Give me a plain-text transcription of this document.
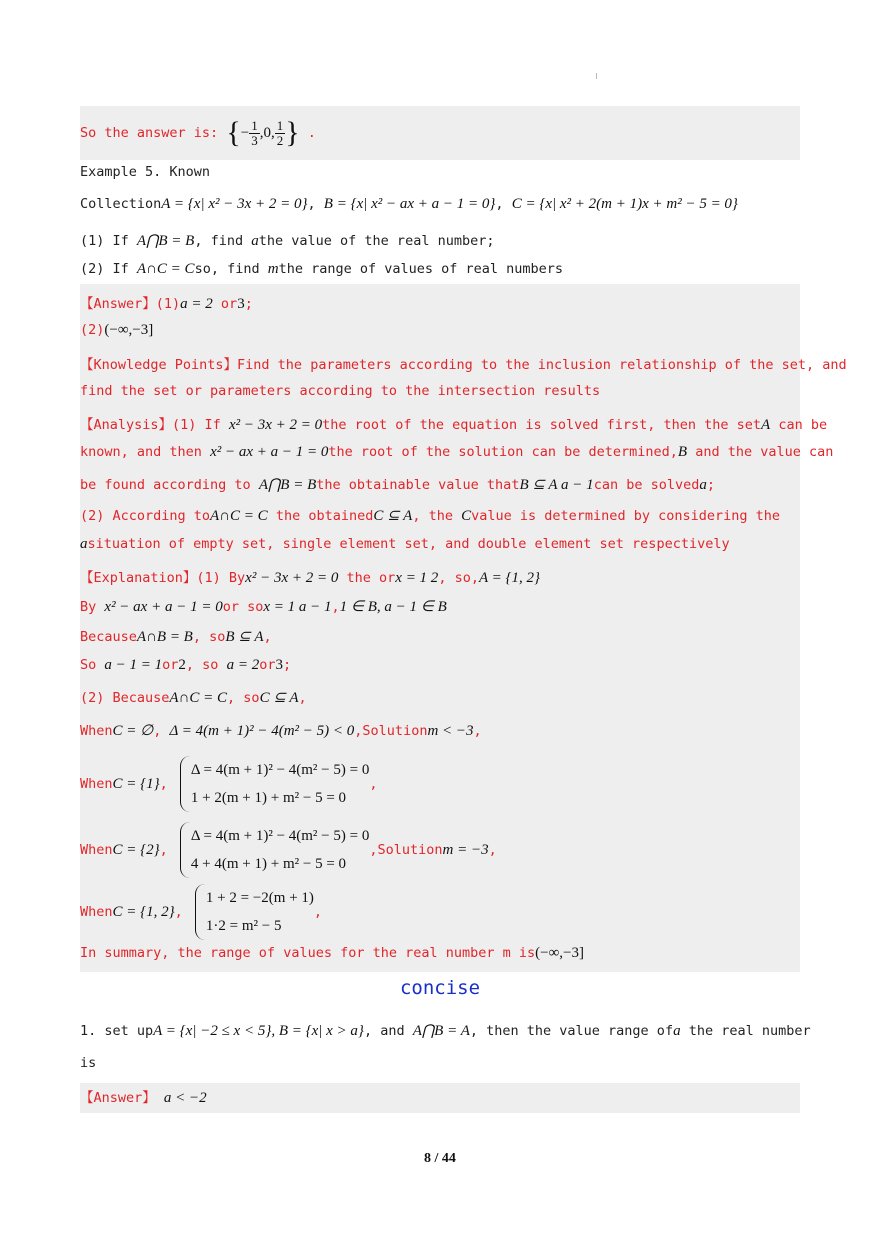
So the answer is: {− $\frac{1}{3} ,0$, $\frac{1}{2}$ } .
Example 5. Known
CollectionA = {x| x² − 3x + 2 = 0}, B = {x| x² − ax + a − 1 = 0}, C = {x| x² + 2(m + 1)x + m² − 5 = 0}
(1) If A⋂B = B, find athe value of the real number;
(2) If A∩C = Cso, find mthe range of values of real numbers
【Answer】(1)a = 2 or3;
(2)(−∞,−3]
【Knowledge Points】Find the parameters according to the inclusion relationship of the set, and
find the set or parameters according to the intersection results
【Analysis】(1) If x² − 3x + 2 = 0the root of the equation is solved first, then the setA can be
known, and then x² − ax + a − 1 = 0the root of the solution can be determined,B and the value can
be found according to A⋂B = Bthe obtainable value thatB ⊆ A a − 1can be solveda;
(2) According toA∩C = C the obtainedC ⊆ A, the Cvalue is determined by considering the
asituation of empty set, single element set, and double element set respectively
【Explanation】(1) Byx² − 3x + 2 = 0 the orx = 1 2, so,A = {1, 2}
By x² − ax + a − 1 = 0or sox = 1 a − 1,1 ∈ B, a − 1 ∈ B
BecauseA∩B = B, soB ⊆ A,
So a − 1 = 1or2, so a = 2or3;
(2) BecauseA∩C = C, soC ⊆ A,
WhenC = ∅, Δ = 4(m + 1)² − 4(m² − 5) < 0,Solutionm < −3,
WhenC = {1},
Δ = 4(m + 1)² − 4(m² − 5) = 0
1 + 2(m + 1) + m² − 5 = 0
,
WhenC = {2},
Δ = 4(m + 1)² − 4(m² − 5) = 0
4 + 4(m + 1) + m² − 5 = 0
,Solutionm = −3,
WhenC = {1, 2},
1 + 2 = −2(m + 1)
1·2 = m² − 5
,
In summary, the range of values for the real number m is(−∞,−3]
concise
1. set upA = {x| −2 ≤ x < 5}, B = {x| x > a}, and A⋂B = A, then the value range ofa the real number
is
【Answer】 a < −2
8 / 44
